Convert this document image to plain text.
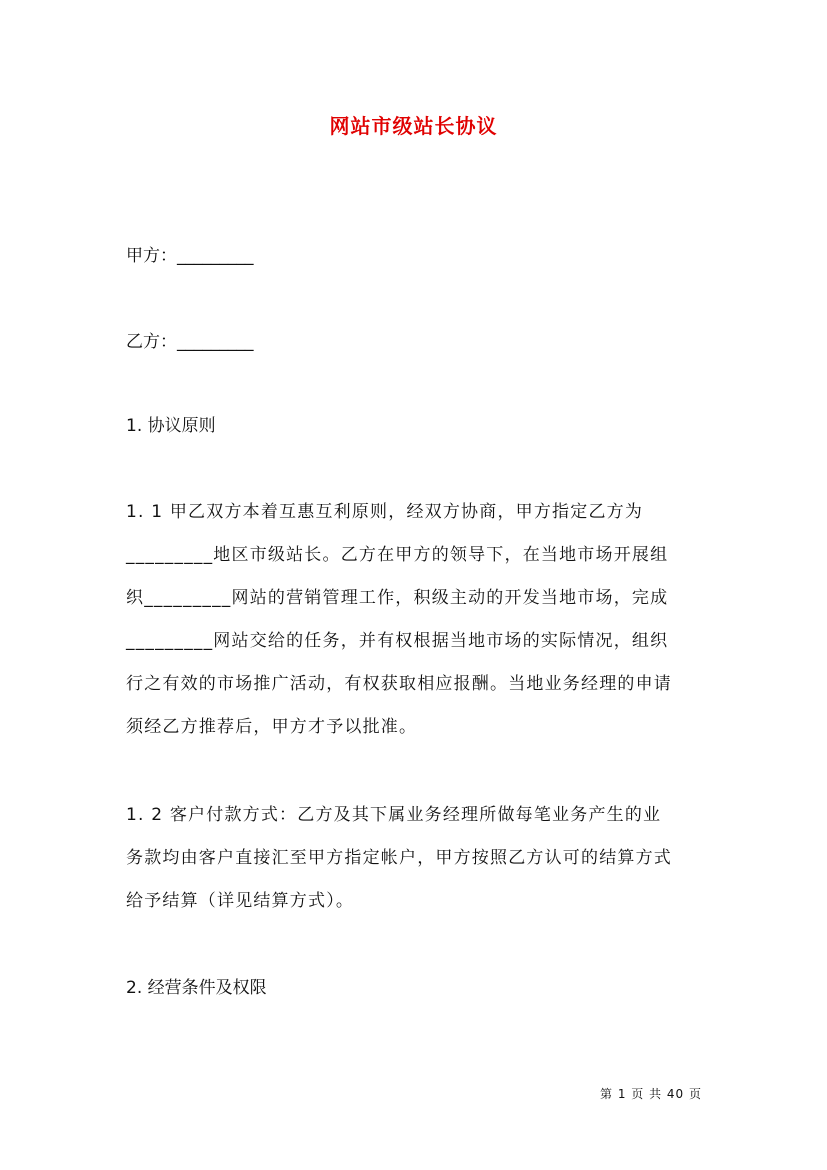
网站市级站长协议
甲方：_________
乙方：_________
1. 协议原则

1. 1 甲乙双方本着互惠互利原则，经双方协商，甲方指定乙方为

_________地区市级站长。乙方在甲方的领导下，在当地市场开展组

织_________网站的营销管理工作，积级主动的开发当地市场，完成

_________网站交给的任务，并有权根据当地市场的实际情况，组织

行之有效的市场推广活动，有权获取相应报酬。当地业务经理的申请

须经乙方推荐后，甲方才予以批准。

1. 2 客户付款方式：乙方及其下属业务经理所做每笔业务产生的业

务款均由客户直接汇至甲方指定帐户，甲方按照乙方认可的结算方式

给予结算（详见结算方式）。

2. 经营条件及权限
第 1 页 共 40 页
